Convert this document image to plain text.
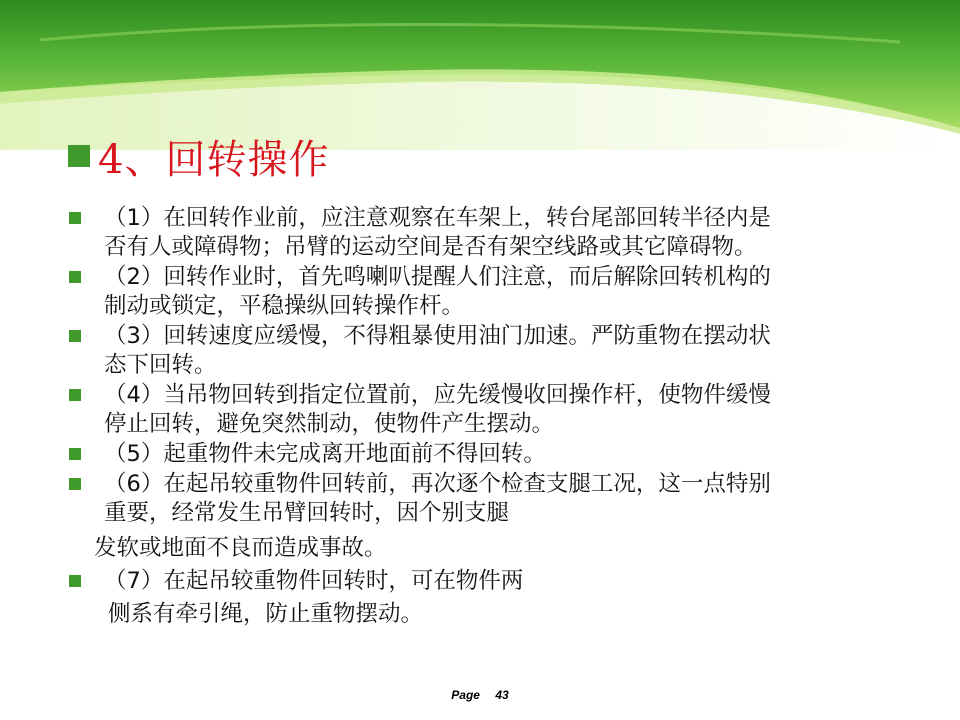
4、回转操作
（1）在回转作业前，应注意观察在车架上，转台尾部回转半径内是
否有人或障碍物；吊臂的运动空间是否有架空线路或其它障碍物。
（2）回转作业时，首先鸣喇叭提醒人们注意，而后解除回转机构的
制动或锁定，平稳操纵回转操作杆。
（3）回转速度应缓慢，不得粗暴使用油门加速。严防重物在摆动状
态下回转。
（4）当吊物回转到指定位置前，应先缓慢收回操作杆，使物件缓慢
停止回转，避免突然制动，使物件产生摆动。
（5）起重物件未完成离开地面前不得回转。
（6）在起吊较重物件回转前，再次逐个检查支腿工况，这一点特别
重要，经常发生吊臂回转时，因个别支腿
发软或地面不良而造成事故。
（7）在起吊较重物件回转时，可在物件两
侧系有牵引绳，防止重物摆动。
Page 43
